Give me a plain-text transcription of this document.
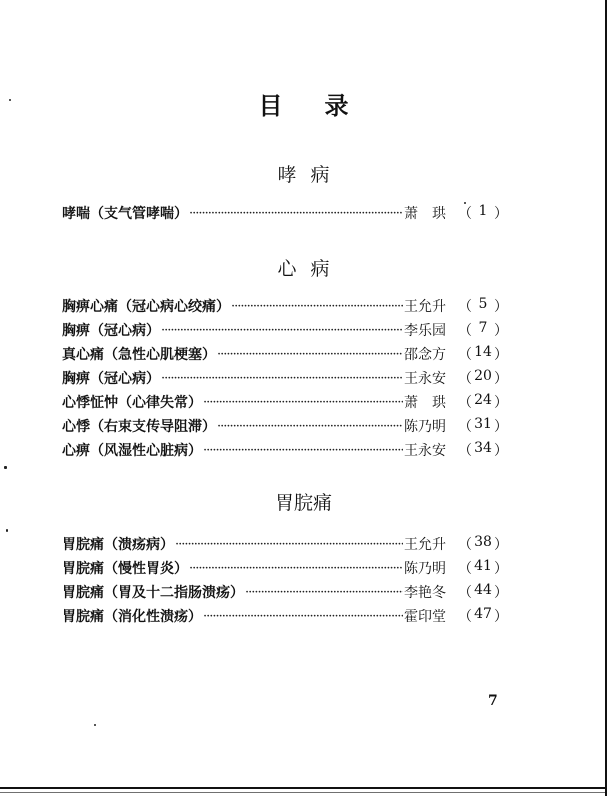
目录
哮病
哮喘（支气管哮喘） ·····	萧　珙 （ 1 ）
心病
胸痹心痛（冠心病心绞痛） ·····	王允升 （ 5 ）
胸痹（冠心病） ·····	李乐园 （ 7 ）
真心痛（急性心肌梗塞） ·····	邵念方 （ 14 ）
胸痹（冠心病） ·····	王永安 （ 20 ）
心悸怔忡（心律失常） ·····	萧　珙 （ 24 ）
心悸（右束支传导阻滞） ·····	陈乃明 （ 31 ）
心痹（风湿性心脏病） ·····	王永安 （ 34 ）
胃脘痛
胃脘痛（溃疡病） ·····	王允升 （ 38 ）
胃脘痛（慢性胃炎） ·····	陈乃明 （ 41 ）
胃脘痛（胃及十二指肠溃疡） ·····	李艳冬 （ 44 ）
胃脘痛（消化性溃疡） ·····	霍印堂 （ 47 ）
7
